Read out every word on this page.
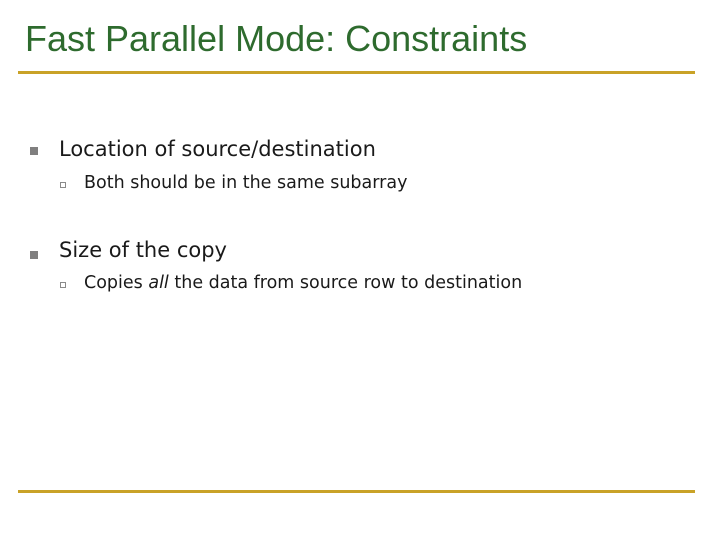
Fast Parallel Mode: Constraints
Location of source/destination
Both should be in the same subarray
Size of the copy
Copies all the data from source row to destination
